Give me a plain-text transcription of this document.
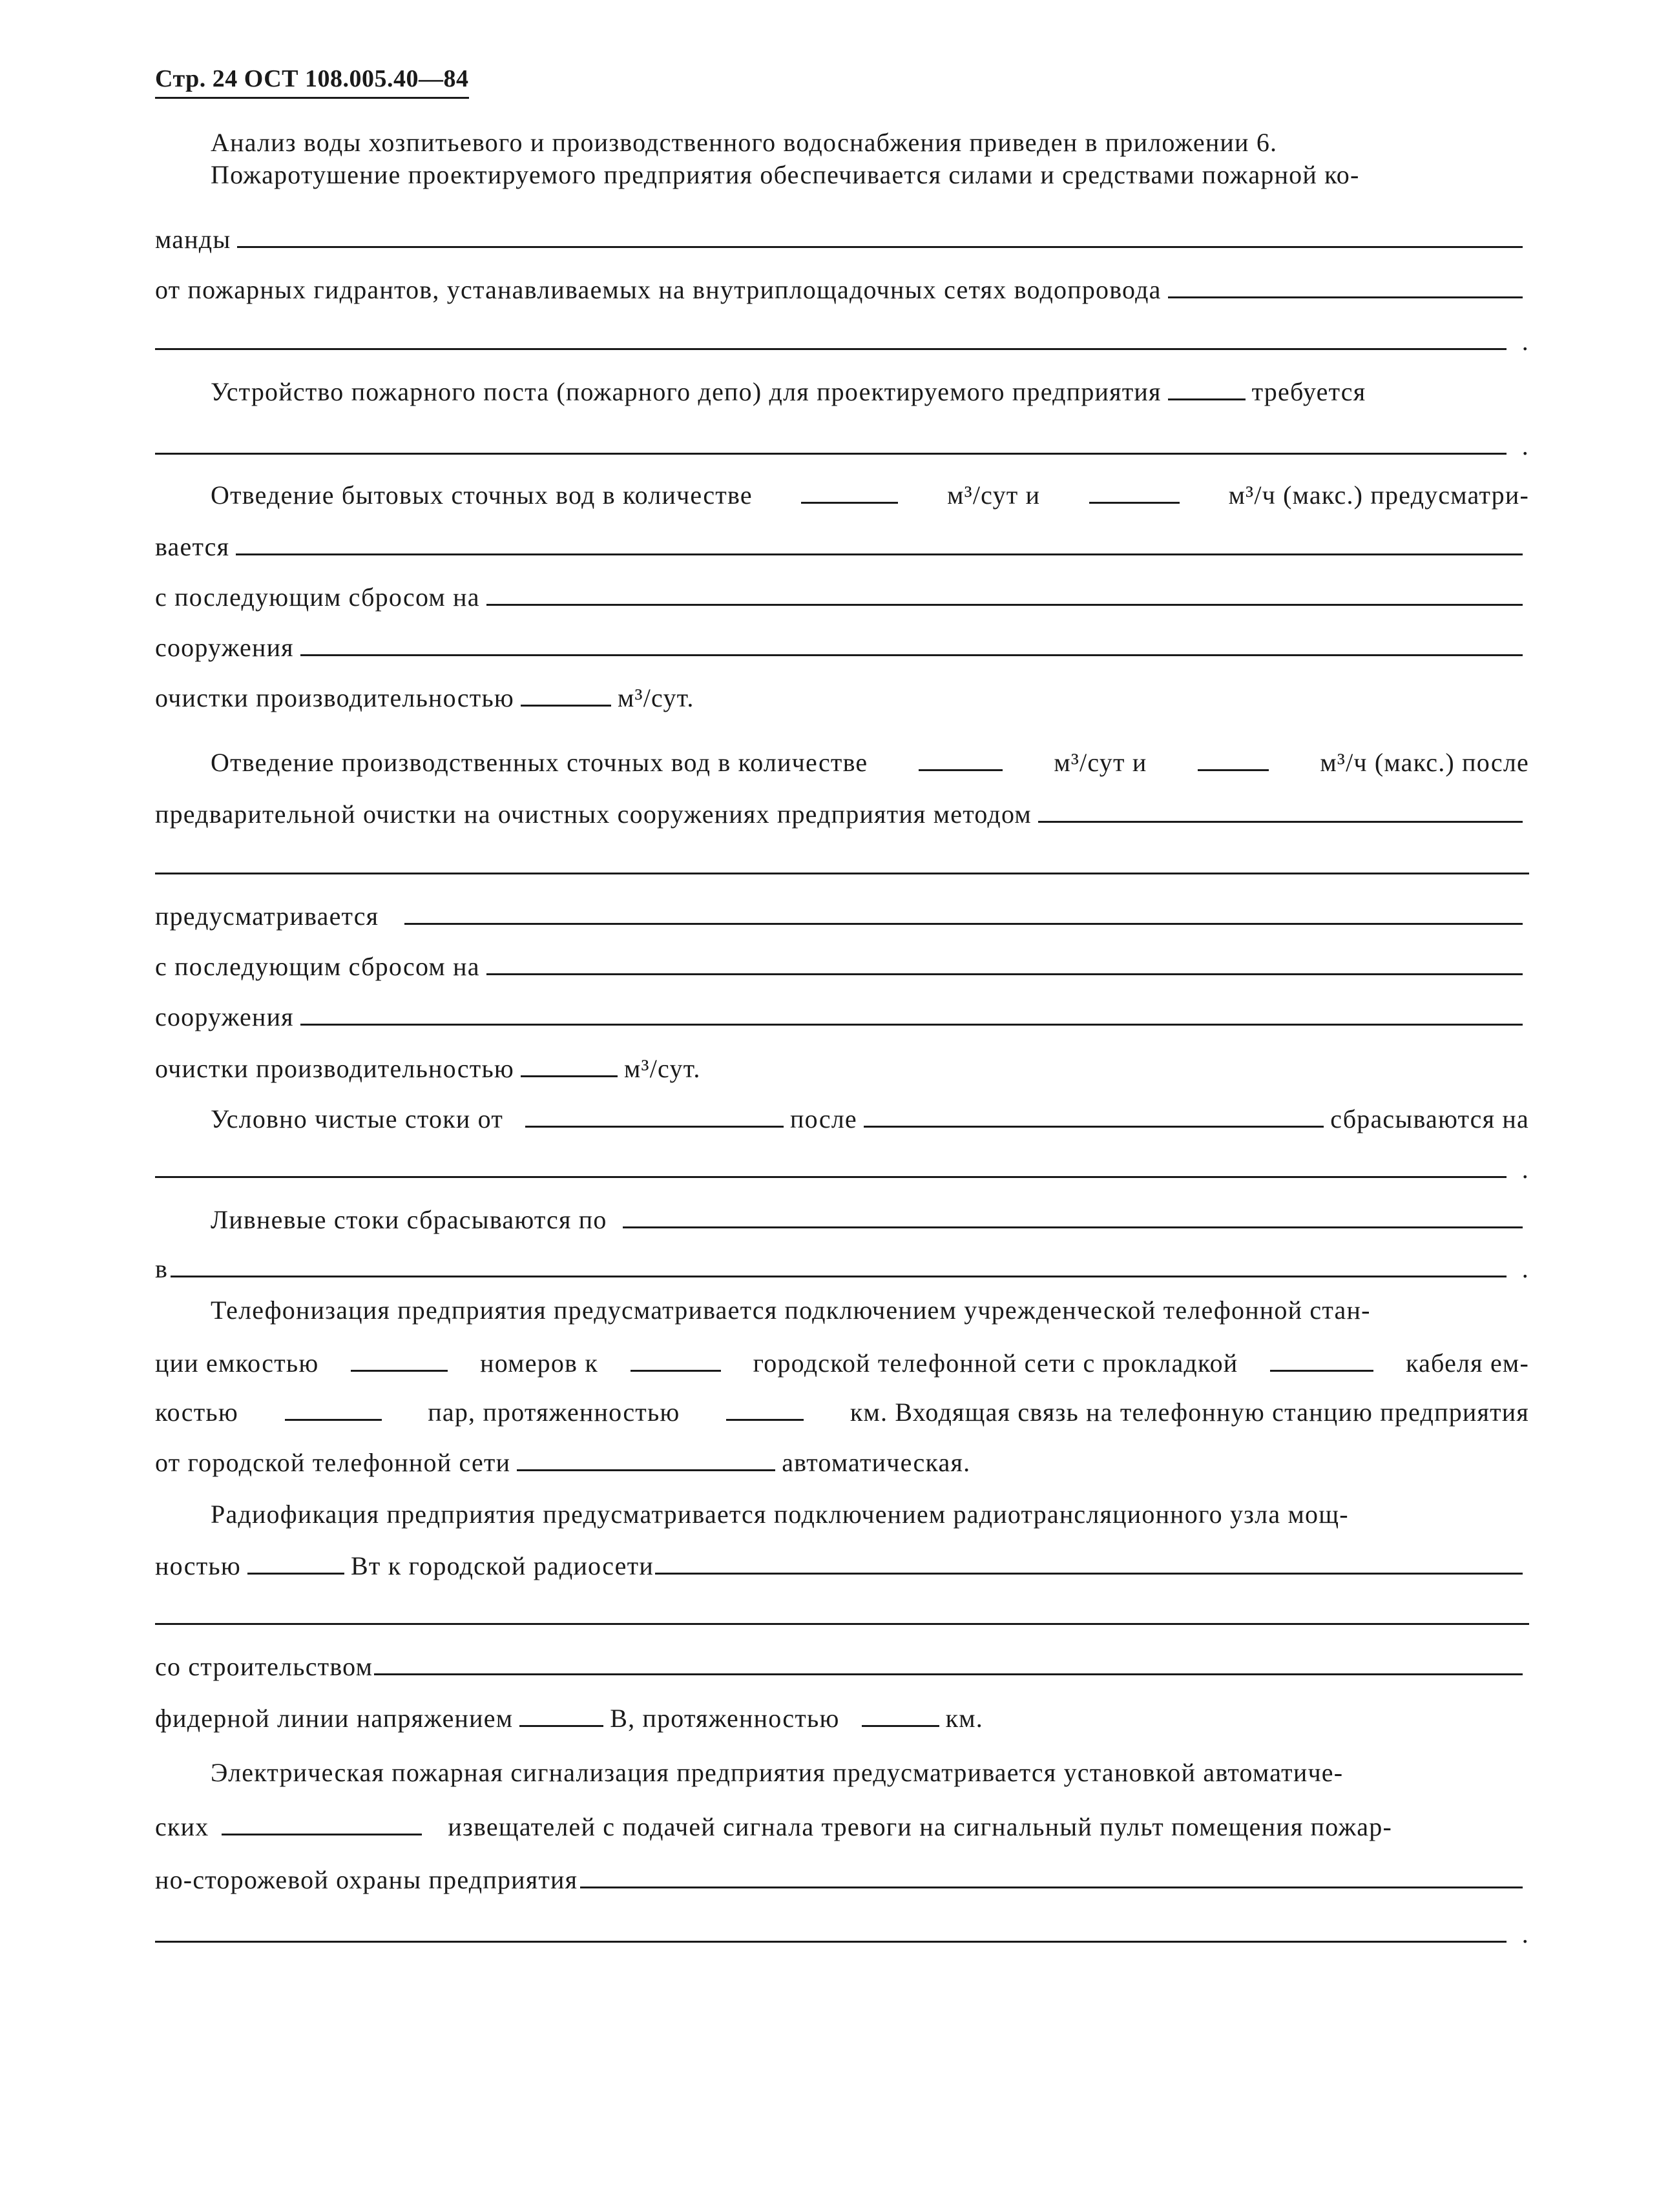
Стр. 24 ОСТ 108.005.40—84
Анализ воды хозпитьевого и производственного водоснабжения приведен в приложении 6.
Пожаротушение проектируемого предприятия обеспечивается силами и средствами пожарной ко-
манды
от пожарных гидрантов, устанавливаемых на внутриплощадочных сетях водопровода
.
Устройство пожарного поста (пожарного депо) для проектируемого предприятия	требуется
.
Отведение бытовых сточных вод в количестве	м³/сут и	м³/ч (макс.) предусматри-
вается
с последующим сбросом на
сооружения
очистки производительностью	м³/сут.
Отведение производственных сточных вод в количестве	м³/сут и	м³/ч (макс.) после
предварительной очистки на очистных сооружениях предприятия методом
предусматривается
с последующим сбросом на
сооружения
очистки производительностью	м³/сут.
Условно чистые стоки от	после	сбрасываются на
.
Ливневые стоки сбрасываются по
в	.
Телефонизация предприятия предусматривается подключением учрежденческой телефонной стан-
ции емкостью	номеров к	городской телефонной сети с прокладкой	кабеля ем-
костью	пар, протяженностью	км. Входящая связь на телефонную станцию предприятия
от городской телефонной сети	автоматическая.
Радиофикация предприятия предусматривается подключением радиотрансляционного узла мощ-
ностью	Вт к городской радиосети
со строительством
фидерной линии напряжением	В, протяженностью	км.
Электрическая пожарная сигнализация предприятия предусматривается установкой автоматиче-
ских	извещателей с подачей сигнала тревоги на сигнальный пульт помещения пожар-
но-сторожевой охраны предприятия
.
